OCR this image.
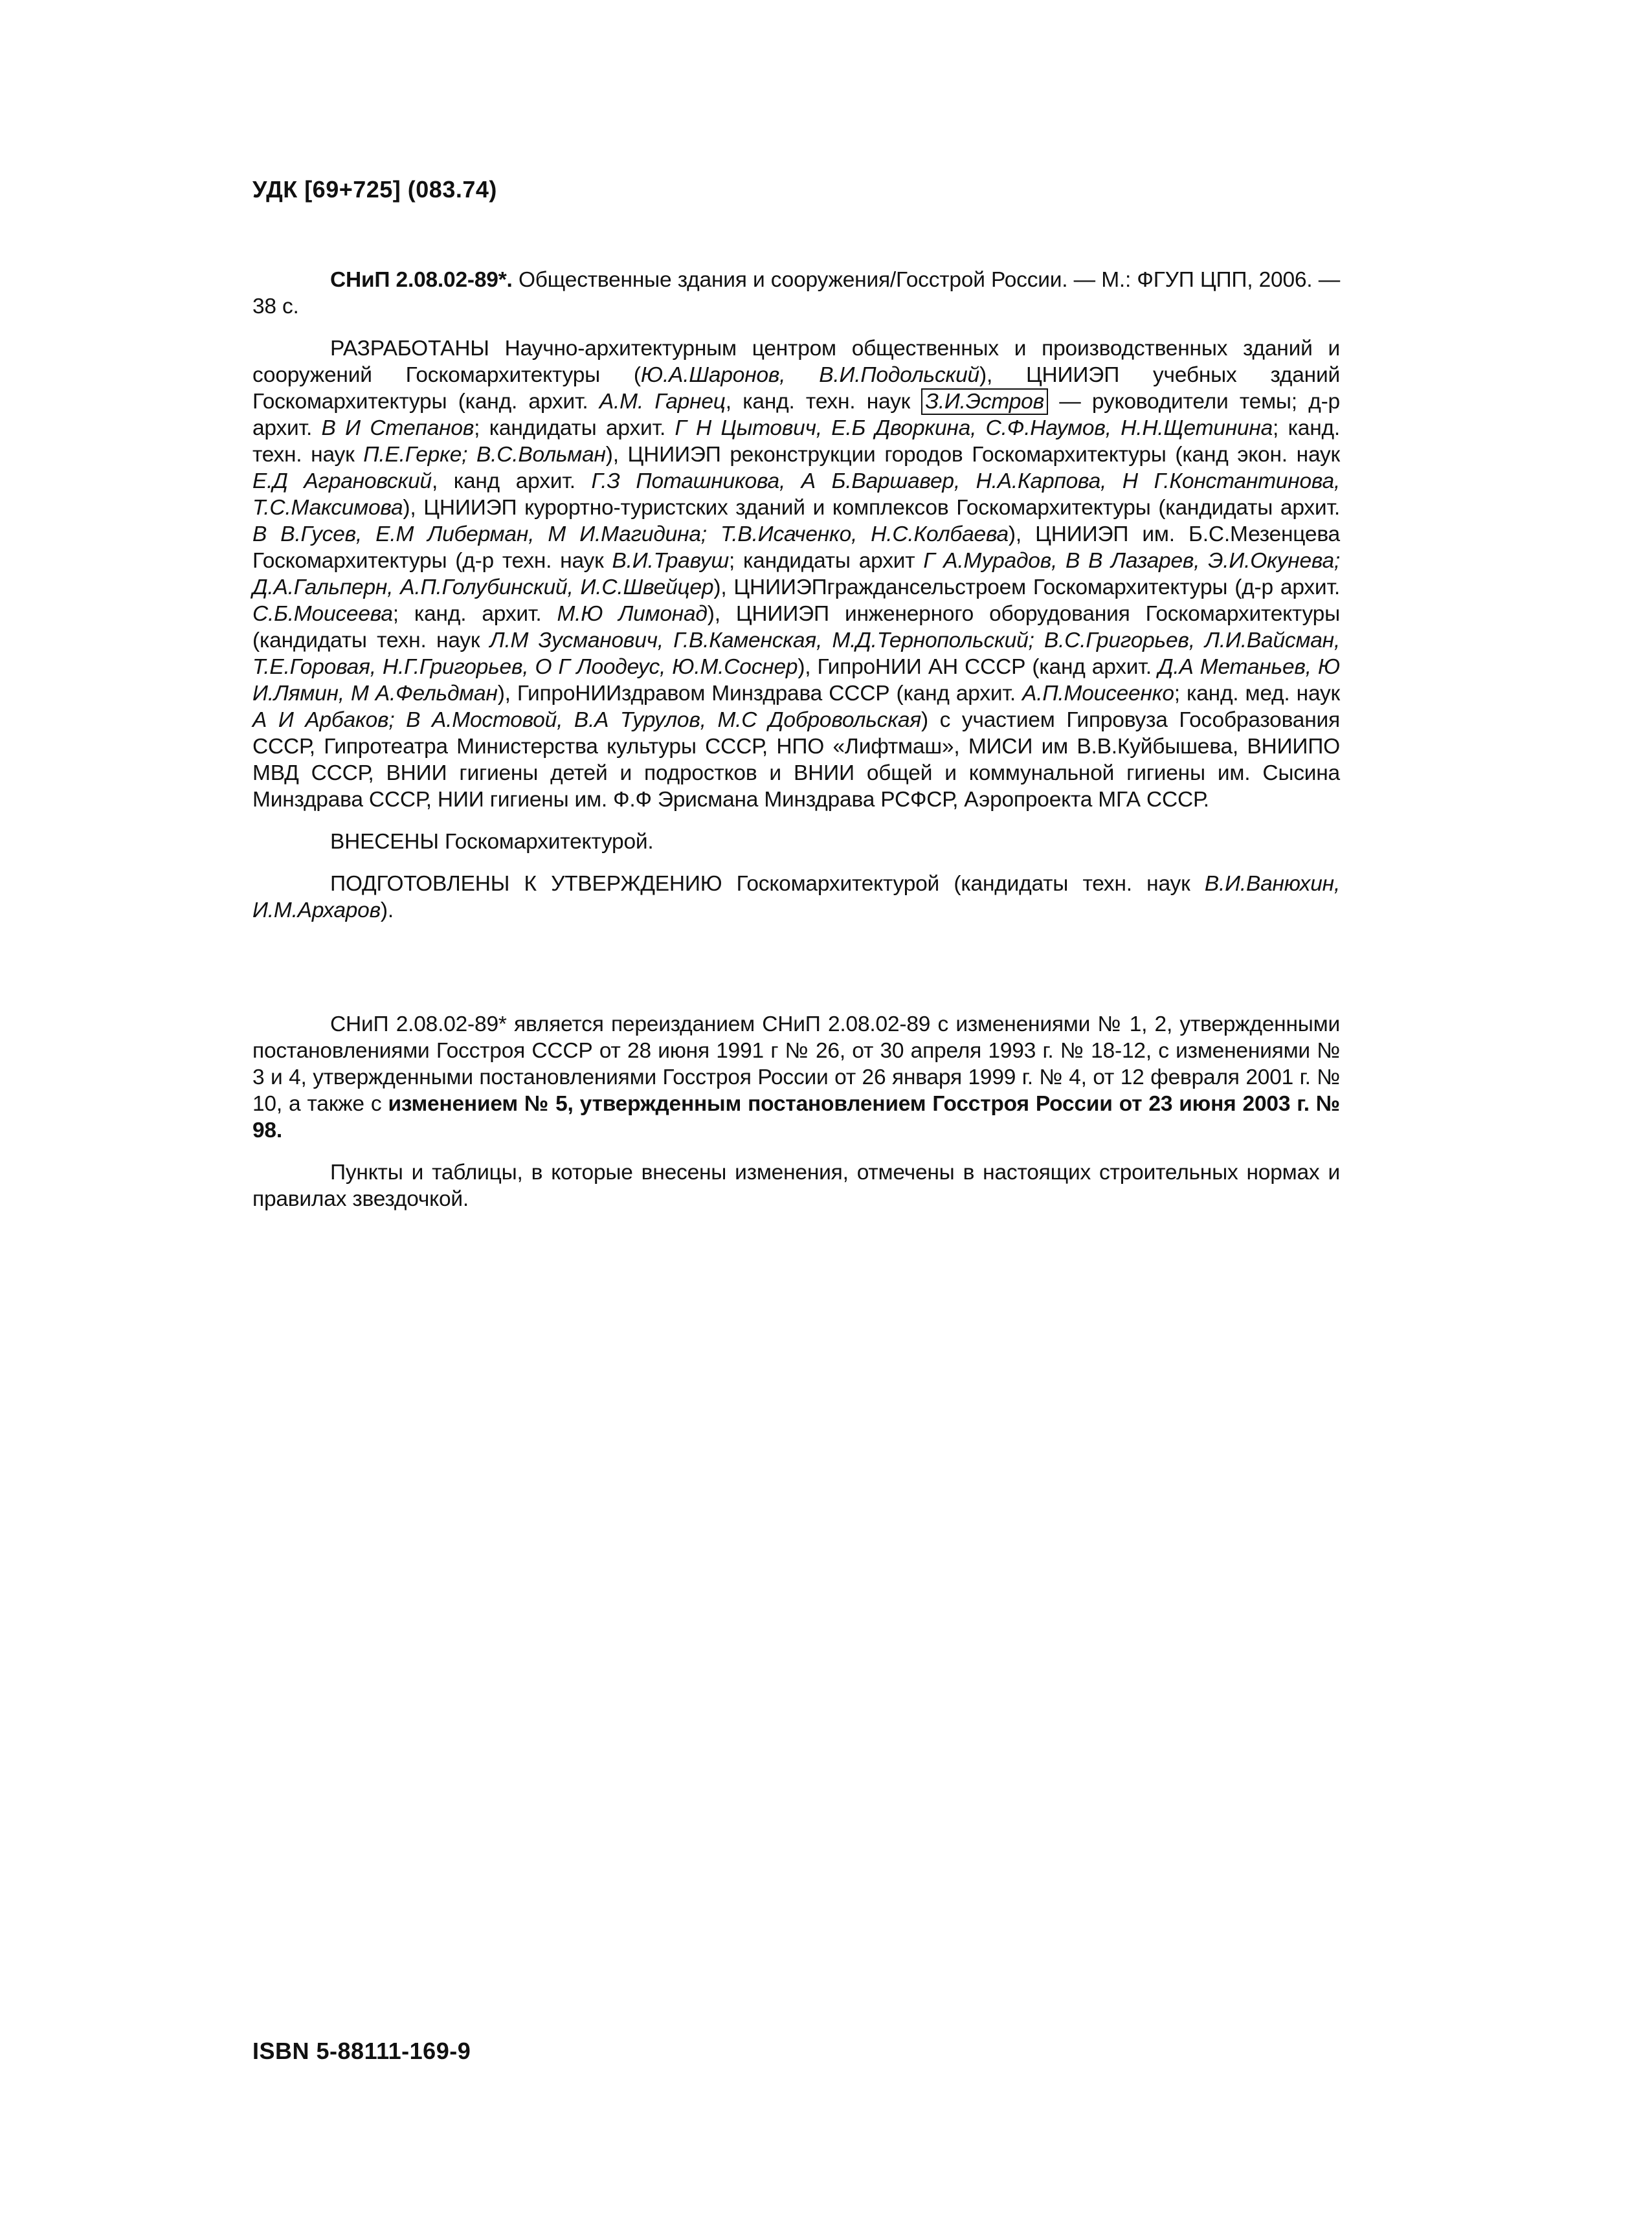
УДК [69+725] (083.74)

СНиП 2.08.02-89*. Общественные здания и сооружения/Госстрой России. — М.: ФГУП ЦПП, 2006. — 38 с.

РАЗРАБОТАНЫ Научно-архитектурным центром общественных и производственных зданий и сооружений Госкомархитектуры (Ю.А.Шаронов, В.И.Подольский), ЦНИИЭП учебных зданий Госкомархитектуры (канд. архит. А.М. Гарнец, канд. техн. наук З.И.Эстров — руководители темы; д-р архит. В И Степанов; кандидаты архит. Г Н Цытович, Е.Б Дворкина, С.Ф.Наумов, Н.Н.Щетинина; канд. техн. наук П.Е.Герке; В.С.Вольман), ЦНИИЭП реконструкции городов Госкомархитектуры (канд экон. наук Е.Д Аграновский, канд архит. Г.З Поташникова, А Б.Варшавер, Н.А.Карпова, Н Г.Константинова, Т.С.Максимова), ЦНИИЭП курортно-туристских зданий и комплексов Госкомархитектуры (кандидаты архит. В В.Гусев, Е.М Либерман, М И.Магидина; Т.В.Исаченко, Н.С.Колбаева), ЦНИИЭП им. Б.С.Мезенцева Госкомархитектуры (д-р техн. наук В.И.Травуш; кандидаты архит Г А.Мурадов, В В Лазарев, Э.И.Окунева; Д.А.Гальперн, А.П.Голубинский, И.С.Швейцер), ЦНИИЭПграждансельстроем Госкомархитектуры (д-р архит. С.Б.Моисеева; канд. архит. М.Ю Лимонад), ЦНИИЭП инженерного оборудования Госкомархитектуры (кандидаты техн. наук Л.М Зусманович, Г.В.Каменская, М.Д.Тернопольский; В.С.Григорьев, Л.И.Вайсман, Т.Е.Горовая, Н.Г.Григорьев, О Г Лоодеус, Ю.М.Соснер), ГипроНИИ АН СССР (канд архит. Д.А Метаньев, Ю И.Лямин, М А.Фельдман), ГипроНИИздравом Минздрава СССР (канд архит. А.П.Моисеенко; канд. мед. наук А И Арбаков; В А.Мостовой, В.А Турулов, М.С Добровольская) с участием Гипровуза Гособразования СССР, Гипротеатра Министерства культуры СССР, НПО «Лифтмаш», МИСИ им В.В.Куйбышева, ВНИИПО МВД СССР, ВНИИ гигиены детей и подростков и ВНИИ общей и коммунальной гигиены им. Сысина Минздрава СССР, НИИ гигиены им. Ф.Ф Эрисмана Минздрава РСФСР, Аэропроекта МГА СССР.

ВНЕСЕНЫ Госкомархитектурой.

ПОДГОТОВЛЕНЫ К УТВЕРЖДЕНИЮ Госкомархитектурой (кандидаты техн. наук В.И.Ванюхин, И.М.Архаров).

СНиП 2.08.02-89* является переизданием СНиП 2.08.02-89 с изменениями № 1, 2, утвержденными постановлениями Госстроя СССР от 28 июня 1991 г № 26, от 30 апреля 1993 г. № 18-12, с изменениями № 3 и 4, утвержденными постановлениями Госстроя России от 26 января 1999 г. № 4, от 12 февраля 2001 г. № 10, а также с изменением № 5, утвержденным постановлением Госстроя России от 23 июня 2003 г. № 98.

Пункты и таблицы, в которые внесены изменения, отмечены в настоящих строительных нормах и правилах звездочкой.

ISBN 5-88111-169-9
